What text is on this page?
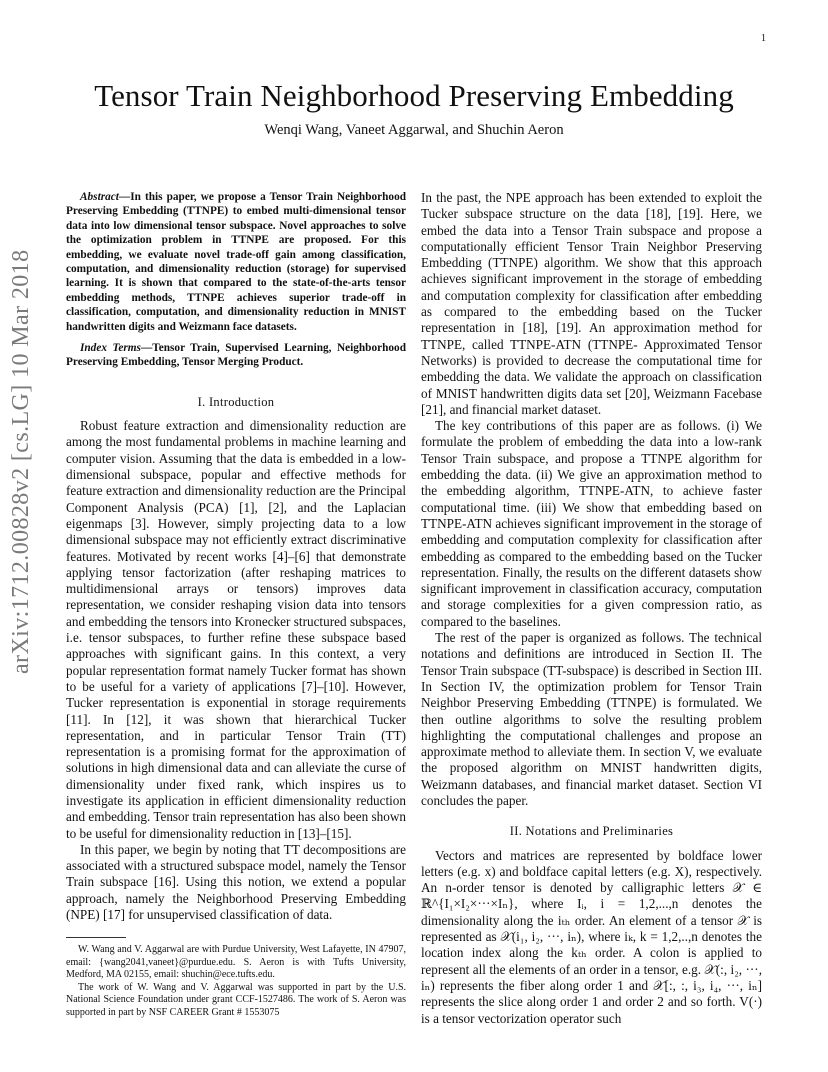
1
Tensor Train Neighborhood Preserving Embedding
Wenqi Wang, Vaneet Aggarwal, and Shuchin Aeron
arXiv:1712.00828v2 [cs.LG] 10 Mar 2018
Abstract—In this paper, we propose a Tensor Train Neighborhood Preserving Embedding (TTNPE) to embed multi-dimensional tensor data into low dimensional tensor subspace. Novel approaches to solve the optimization problem in TTNPE are proposed. For this embedding, we evaluate novel trade-off gain among classification, computation, and dimensionality reduction (storage) for supervised learning. It is shown that compared to the state-of-the-arts tensor embedding methods, TTNPE achieves superior trade-off in classification, computation, and dimensionality reduction in MNIST handwritten digits and Weizmann face datasets.
Index Terms—Tensor Train, Supervised Learning, Neighborhood Preserving Embedding, Tensor Merging Product.
I. Introduction

Robust feature extraction and dimensionality reduction are among the most fundamental problems in machine learning and computer vision. Assuming that the data is embedded in a low-dimensional subspace, popular and effective methods for feature extraction and dimensionality reduction are the Principal Component Analysis (PCA) [1], [2], and the Laplacian eigenmaps [3]. However, simply projecting data to a low dimensional subspace may not efficiently extract discriminative features. Motivated by recent works [4]–[6] that demonstrate applying tensor factorization (after reshaping matrices to multidimensional arrays or tensors) improves data representation, we consider reshaping vision data into tensors and embedding the tensors into Kronecker structured subspaces, i.e. tensor subspaces, to further refine these subspace based approaches with significant gains. In this context, a very popular representation format namely Tucker format has shown to be useful for a variety of applications [7]–[10]. However, Tucker representation is exponential in storage requirements [11]. In [12], it was shown that hierarchical Tucker representation, and in particular Tensor Train (TT) representation is a promising format for the approximation of solutions in high dimensional data and can alleviate the curse of dimensionality under fixed rank, which inspires us to investigate its application in efficient dimensionality reduction and embedding. Tensor train representation has also been shown to be useful for dimensionality reduction in [13]–[15].

In this paper, we begin by noting that TT decompositions are associated with a structured subspace model, namely the Tensor Train subspace [16]. Using this notion, we extend a popular approach, namely the Neighborhood Preserving Embedding (NPE) [17] for unsupervised classification of data.

W. Wang and V. Aggarwal are with Purdue University, West Lafayette, IN 47907, email: {wang2041,vaneet}@purdue.edu. S. Aeron is with Tufts University, Medford, MA 02155, email: shuchin@ece.tufts.edu.
The work of W. Wang and V. Aggarwal was supported in part by the U.S. National Science Foundation under grant CCF-1527486. The work of S. Aeron was supported in part by NSF CAREER Grant # 1553075

In the past, the NPE approach has been extended to exploit the Tucker subspace structure on the data [18], [19]. Here, we embed the data into a Tensor Train subspace and propose a computationally efficient Tensor Train Neighbor Preserving Embedding (TTNPE) algorithm. We show that this approach achieves significant improvement in the storage of embedding and computation complexity for classification after embedding as compared to the embedding based on the Tucker representation in [18], [19]. An approximation method for TTNPE, called TTNPE-ATN (TTNPE- Approximated Tensor Networks) is provided to decrease the computational time for embedding the data. We validate the approach on classification of MNIST handwritten digits data set [20], Weizmann Facebase [21], and financial market dataset.

The key contributions of this paper are as follows. (i) We formulate the problem of embedding the data into a low-rank Tensor Train subspace, and propose a TTNPE algorithm for embedding the data. (ii) We give an approximation method to the embedding algorithm, TTNPE-ATN, to achieve faster computational time. (iii) We show that embedding based on TTNPE-ATN achieves significant improvement in the storage of embedding and computation complexity for classification after embedding as compared to the embedding based on the Tucker representation. Finally, the results on the different datasets show significant improvement in classification accuracy, computation and storage complexities for a given compression ratio, as compared to the baselines.

The rest of the paper is organized as follows. The technical notations and definitions are introduced in Section II. The Tensor Train subspace (TT-subspace) is described in Section III. In Section IV, the optimization problem for Tensor Train Neighbor Preserving Embedding (TTNPE) is formulated. We then outline algorithms to solve the resulting problem highlighting the computational challenges and propose an approximate method to alleviate them. In section V, we evaluate the proposed algorithm on MNIST handwritten digits, Weizmann databases, and financial market dataset. Section VI concludes the paper.

II. Notations and Preliminaries

Vectors and matrices are represented by boldface lower letters (e.g. x) and boldface capital letters (e.g. X), respectively. An n-order tensor is denoted by calligraphic letters 𝒳 ∈ ℝ^{I₁×I₂×···×Iₙ}, where Iᵢ, i = 1,2,...,n denotes the dimensionality along the iₜₕ order. An element of a tensor 𝒳 is represented as 𝒳(i₁, i₂, ···, iₙ), where iₖ, k = 1,2,..,n denotes the location index along the kₜₕ order. A colon is applied to represent all the elements of an order in a tensor, e.g. 𝒳(:, i₂, ···, iₙ) represents the fiber along order 1 and 𝒳[:, :, i₃, i₄, ···, iₙ] represents the slice along order 1 and order 2 and so forth. V(·) is a tensor vectorization operator such
